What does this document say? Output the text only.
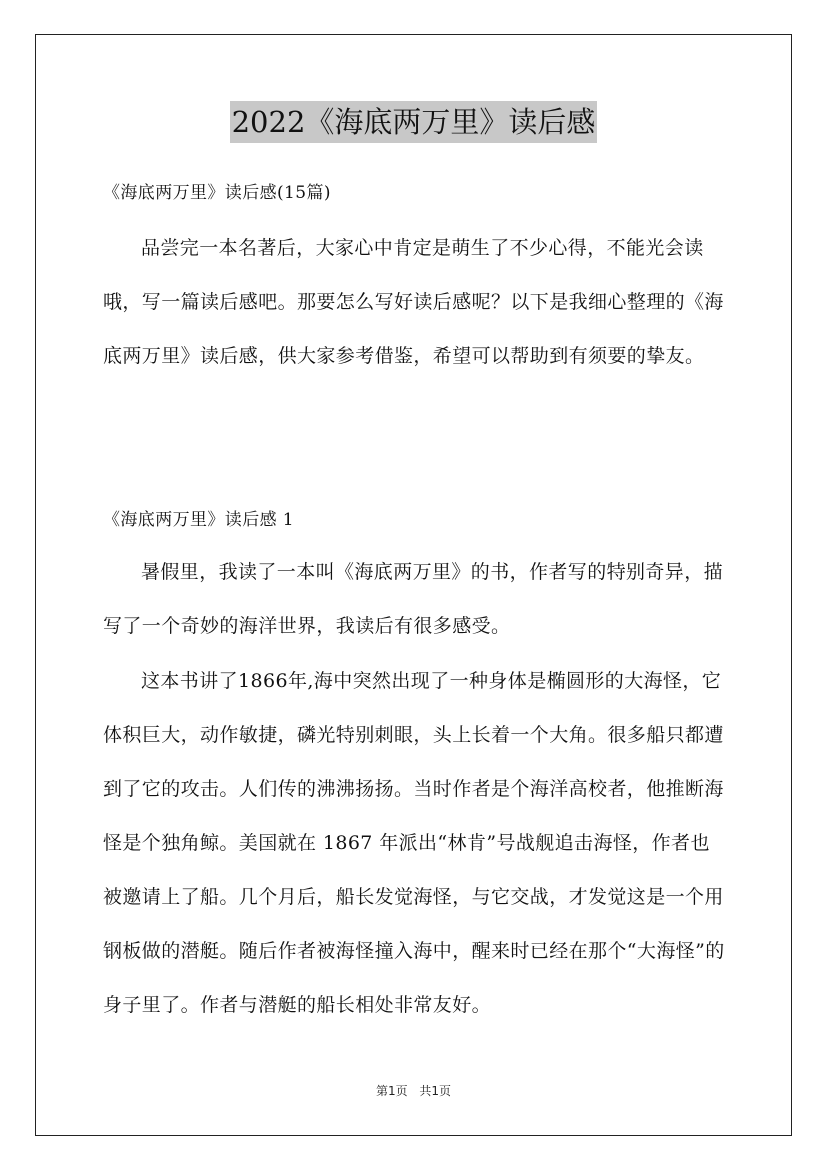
2022《海底两万里》读后感

《海底两万里》读后感(15篇)

品尝完一本名著后，大家心中肯定是萌生了不少心得，不能光会读哦，写一篇读后感吧。那要怎么写好读后感呢？以下是我细心整理的《海底两万里》读后感，供大家参考借鉴，希望可以帮助到有须要的挚友。

《海底两万里》读后感 1

暑假里，我读了一本叫《海底两万里》的书，作者写的特别奇异，描写了一个奇妙的海洋世界，我读后有很多感受。

这本书讲了1866年,海中突然出现了一种身体是椭圆形的大海怪，它体积巨大，动作敏捷，磷光特别刺眼，头上长着一个大角。很多船只都遭到了它的攻击。人们传的沸沸扬扬。当时作者是个海洋高校者，他推断海怪是个独角鲸。美国就在 1867 年派出“林肯”号战舰追击海怪，作者也被邀请上了船。几个月后，船长发觉海怪，与它交战，才发觉这是一个用钢板做的潜艇。随后作者被海怪撞入海中，醒来时已经在那个“大海怪”的身子里了。作者与潜艇的船长相处非常友好。

第1页 共1页
